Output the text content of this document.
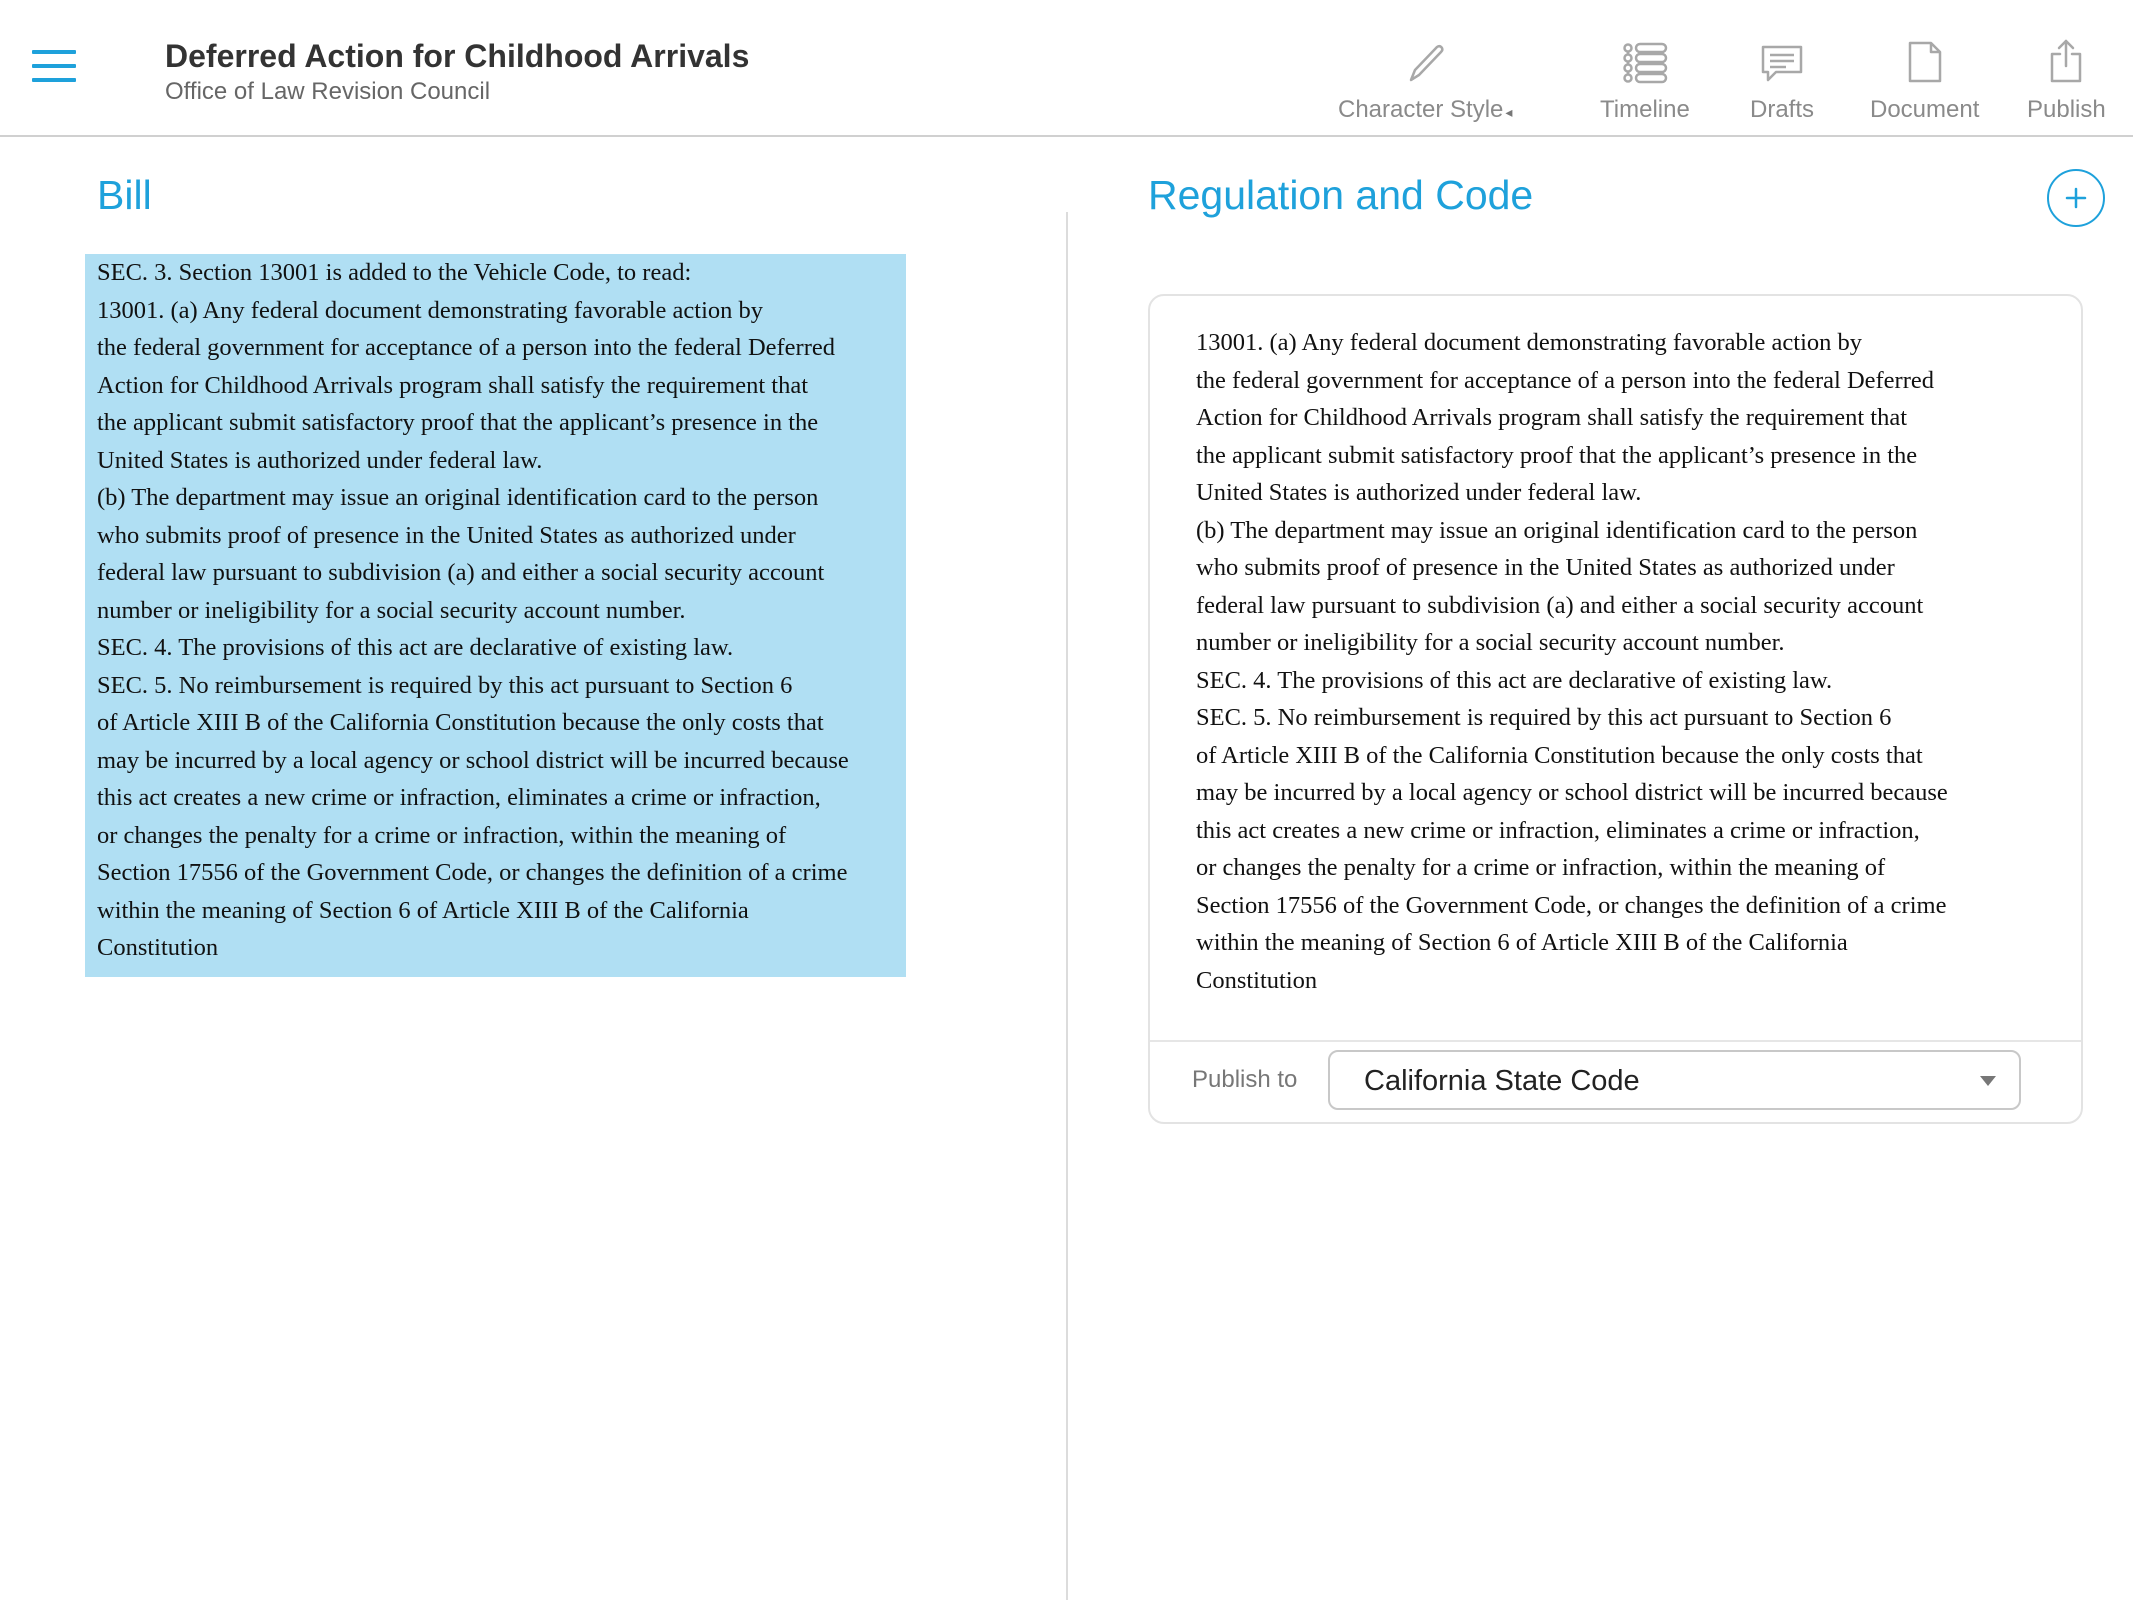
Deferred Action for Childhood Arrivals
Office of Law Revision Council
Character Style ◂	Timeline	Drafts Document Publish
Bill
SEC. 3. Section 13001 is added to the Vehicle Code, to read:
13001. (a) Any federal document demonstrating favorable action by
the federal government for acceptance of a person into the federal Deferred
Action for Childhood Arrivals program shall satisfy the requirement that
the applicant submit satisfactory proof that the applicant’s presence in the
United States is authorized under federal law.
(b) The department may issue an original identification card to the person
who submits proof of presence in the United States as authorized under
federal law pursuant to subdivision (a) and either a social security account
number or ineligibility for a social security account number.
SEC. 4. The provisions of this act are declarative of existing law.
SEC. 5. No reimbursement is required by this act pursuant to Section 6
of Article XIII B of the California Constitution because the only costs that
may be incurred by a local agency or school district will be incurred because
this act creates a new crime or infraction, eliminates a crime or infraction,
or changes the penalty for a crime or infraction, within the meaning of
Section 17556 of the Government Code, or changes the definition of a crime
within the meaning of Section 6 of Article XIII B of the California
Constitution
Regulation and Code
13001. (a) Any federal document demonstrating favorable action by
the federal government for acceptance of a person into the federal Deferred
Action for Childhood Arrivals program shall satisfy the requirement that
the applicant submit satisfactory proof that the applicant’s presence in the
United States is authorized under federal law.
(b) The department may issue an original identification card to the person
who submits proof of presence in the United States as authorized under
federal law pursuant to subdivision (a) and either a social security account
number or ineligibility for a social security account number.
SEC. 4. The provisions of this act are declarative of existing law.
SEC. 5. No reimbursement is required by this act pursuant to Section 6
of Article XIII B of the California Constitution because the only costs that
may be incurred by a local agency or school district will be incurred because
this act creates a new crime or infraction, eliminates a crime or infraction,
or changes the penalty for a crime or infraction, within the meaning of
Section 17556 of the Government Code, or changes the definition of a crime
within the meaning of Section 6 of Article XIII B of the California
Constitution
Publish to California State Code
